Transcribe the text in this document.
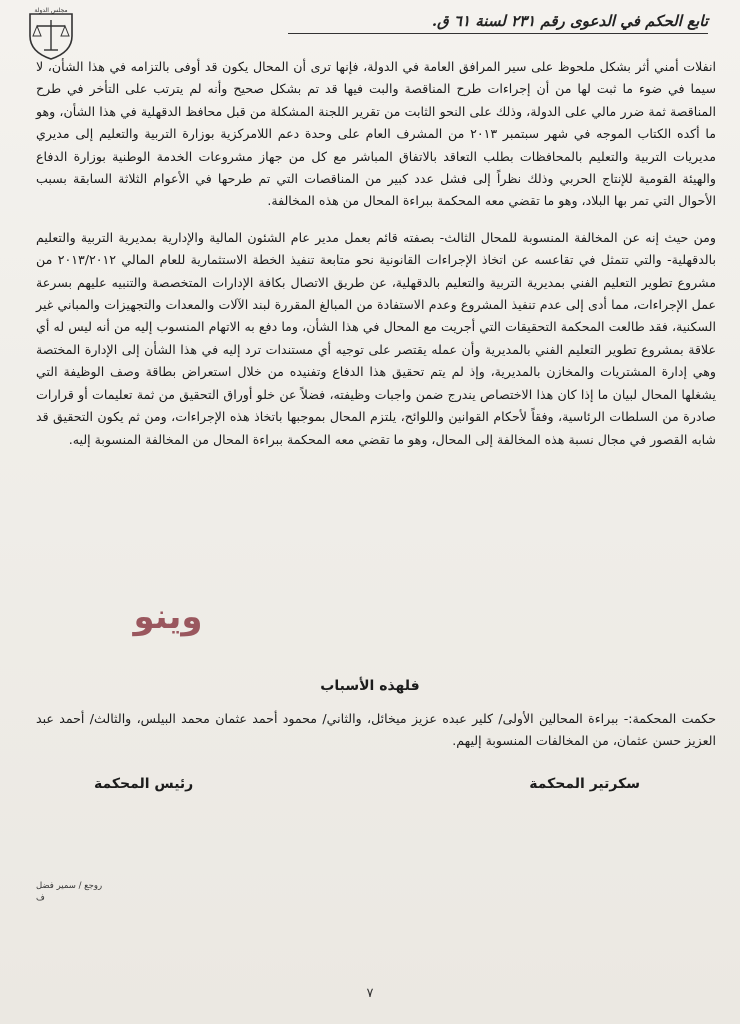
مجلس الدولة
تابع الحكم في الدعوى رقم ٢٣١ لسنة ٦١ ق.

انفلات أمني أثر بشكل ملحوظ على سير المرافق العامة في الدولة، فإنها ترى أن المحال يكون قد أوفى بالتزامه في هذا الشأن، لا سيما في ضوء ما ثبت لها من أن إجراءات طرح المناقصة والبت فيها قد تم بشكل صحيح وأنه لم يترتب على التأخر في طرح المناقصة ثمة ضرر مالي على الدولة، وذلك على النحو الثابت من تقرير اللجنة المشكلة من قبل محافظ الدقهلية في هذا الشأن، وهو ما أكده الكتاب الموجه في شهر سبتمبر ٢٠١٣ من المشرف العام على وحدة دعم اللامركزية بوزارة التربية والتعليم إلى مديري مديريات التربية والتعليم بالمحافظات بطلب التعاقد بالاتفاق المباشر مع كل من جهاز مشروعات الخدمة الوطنية بوزارة الدفاع والهيئة القومية للإنتاج الحربي وذلك نظراً إلى فشل عدد كبير من المناقصات التي تم طرحها في الأعوام الثلاثة السابقة بسبب الأحوال التي تمر بها البلاد، وهو ما تقضي معه المحكمة ببراءة المحال من هذه المخالفة.

ومن حيث إنه عن المخالفة المنسوبة للمحال الثالث- بصفته قائم بعمل مدير عام الشئون المالية والإدارية بمديرية التربية والتعليم بالدقهلية- والتي تتمثل في تقاعسه عن اتخاذ الإجراءات القانونية نحو متابعة تنفيذ الخطة الاستثمارية للعام المالي ٢٠١٣/٢٠١٢ من مشروع تطوير التعليم الفني بمديرية التربية والتعليم بالدقهلية، عن طريق الاتصال بكافة الإدارات المتخصصة والتنبيه عليهم بسرعة عمل الإجراءات، مما أدى إلى عدم تنفيذ المشروع وعدم الاستفادة من المبالغ المقررة لبند الآلات والمعدات والتجهيزات والمباني غير السكنية، فقد طالعت المحكمة التحقيقات التي أجريت مع المحال في هذا الشأن، وما دفع به الاتهام المنسوب إليه من أنه ليس له أي علاقة بمشروع تطوير التعليم الفني بالمديرية وأن عمله يقتصر على توجيه أي مستندات ترد إليه في هذا الشأن إلى الإدارة المختصة وهي إدارة المشتريات والمخازن بالمديرية، وإذ لم يتم تحقيق هذا الدفاع وتفنيده من خلال استعراض بطاقة وصف الوظيفة التي يشغلها المحال لبيان ما إذا كان هذا الاختصاص يندرج ضمن واجبات وظيفته، فضلاً عن خلو أوراق التحقيق من ثمة تعليمات أو قرارات صادرة من السلطات الرئاسية، وفقاً لأحكام القوانين واللوائح، يلتزم المحال بموجبها باتخاذ هذه الإجراءات، ومن ثم يكون التحقيق قد شابه القصور في مجال نسبة هذه المخالفة إلى المحال، وهو ما تقضي معه المحكمة ببراءة المحال من المخالفة المنسوبة إليه.

وينو
فلهذه الأسباب
حكمت المحكمة:- ببراءة المحالين الأولى/ كلير عبده عزيز ميخائل، والثاني/ محمود أحمد عثمان محمد البيلس، والثالث/ أحمد عبد العزيز حسن عثمان، من المخالفات المنسوبة إليهم.
سكرتير المحكمة
رئيس المحكمة
روجع / سمير فضل
ف
٧
